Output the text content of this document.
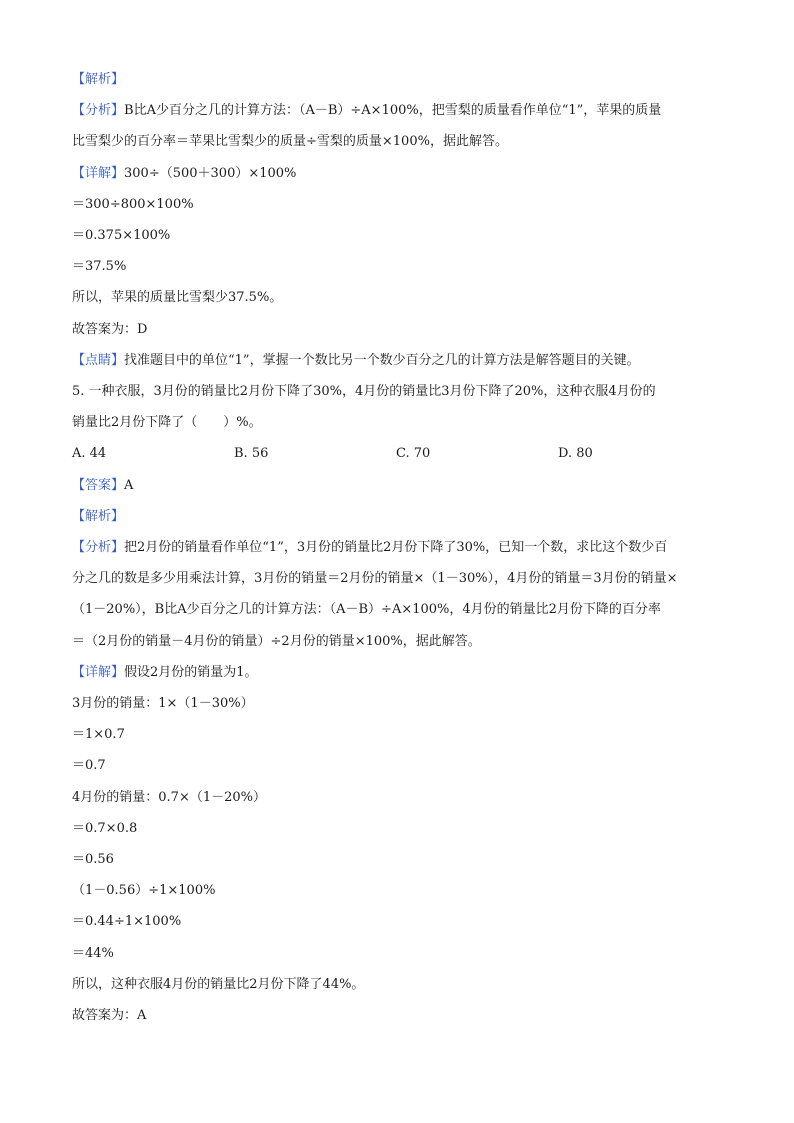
【解析】
【分析】B比A少百分之几的计算方法：（A－B）÷A×100%，把雪梨的质量看作单位“1”，苹果的质量
比雪梨少的百分率＝苹果比雪梨少的质量÷雪梨的质量×100%，据此解答。
【详解】300÷（500＋300）×100%
＝300÷800×100%
＝0.375×100%
＝37.5%
所以，苹果的质量比雪梨少37.5%。
故答案为：D
【点睛】找准题目中的单位“1”，掌握一个数比另一个数少百分之几的计算方法是解答题目的关键。
5. 一种衣服，3月份的销量比2月份下降了30%，4月份的销量比3月份下降了20%，这种衣服4月份的
销量比2月份下降了（　　）%。
A. 44	B. 56	C. 70	D. 80
【答案】A
【解析】
【分析】把2月份的销量看作单位“1”，3月份的销量比2月份下降了30%，已知一个数，求比这个数少百
分之几的数是多少用乘法计算，3月份的销量＝2月份的销量×（1－30%），4月份的销量＝3月份的销量×
（1－20%），B比A少百分之几的计算方法：（A－B）÷A×100%，4月份的销量比2月份下降的百分率
＝（2月份的销量－4月份的销量）÷2月份的销量×100%，据此解答。
【详解】假设2月份的销量为1。
3月份的销量：1×（1－30%）
＝1×0.7
＝0.7
4月份的销量：0.7×（1－20%）
＝0.7×0.8
＝0.56
（1－0.56）÷1×100%
＝0.44÷1×100%
＝44%
所以，这种衣服4月份的销量比2月份下降了44%。
故答案为：A
